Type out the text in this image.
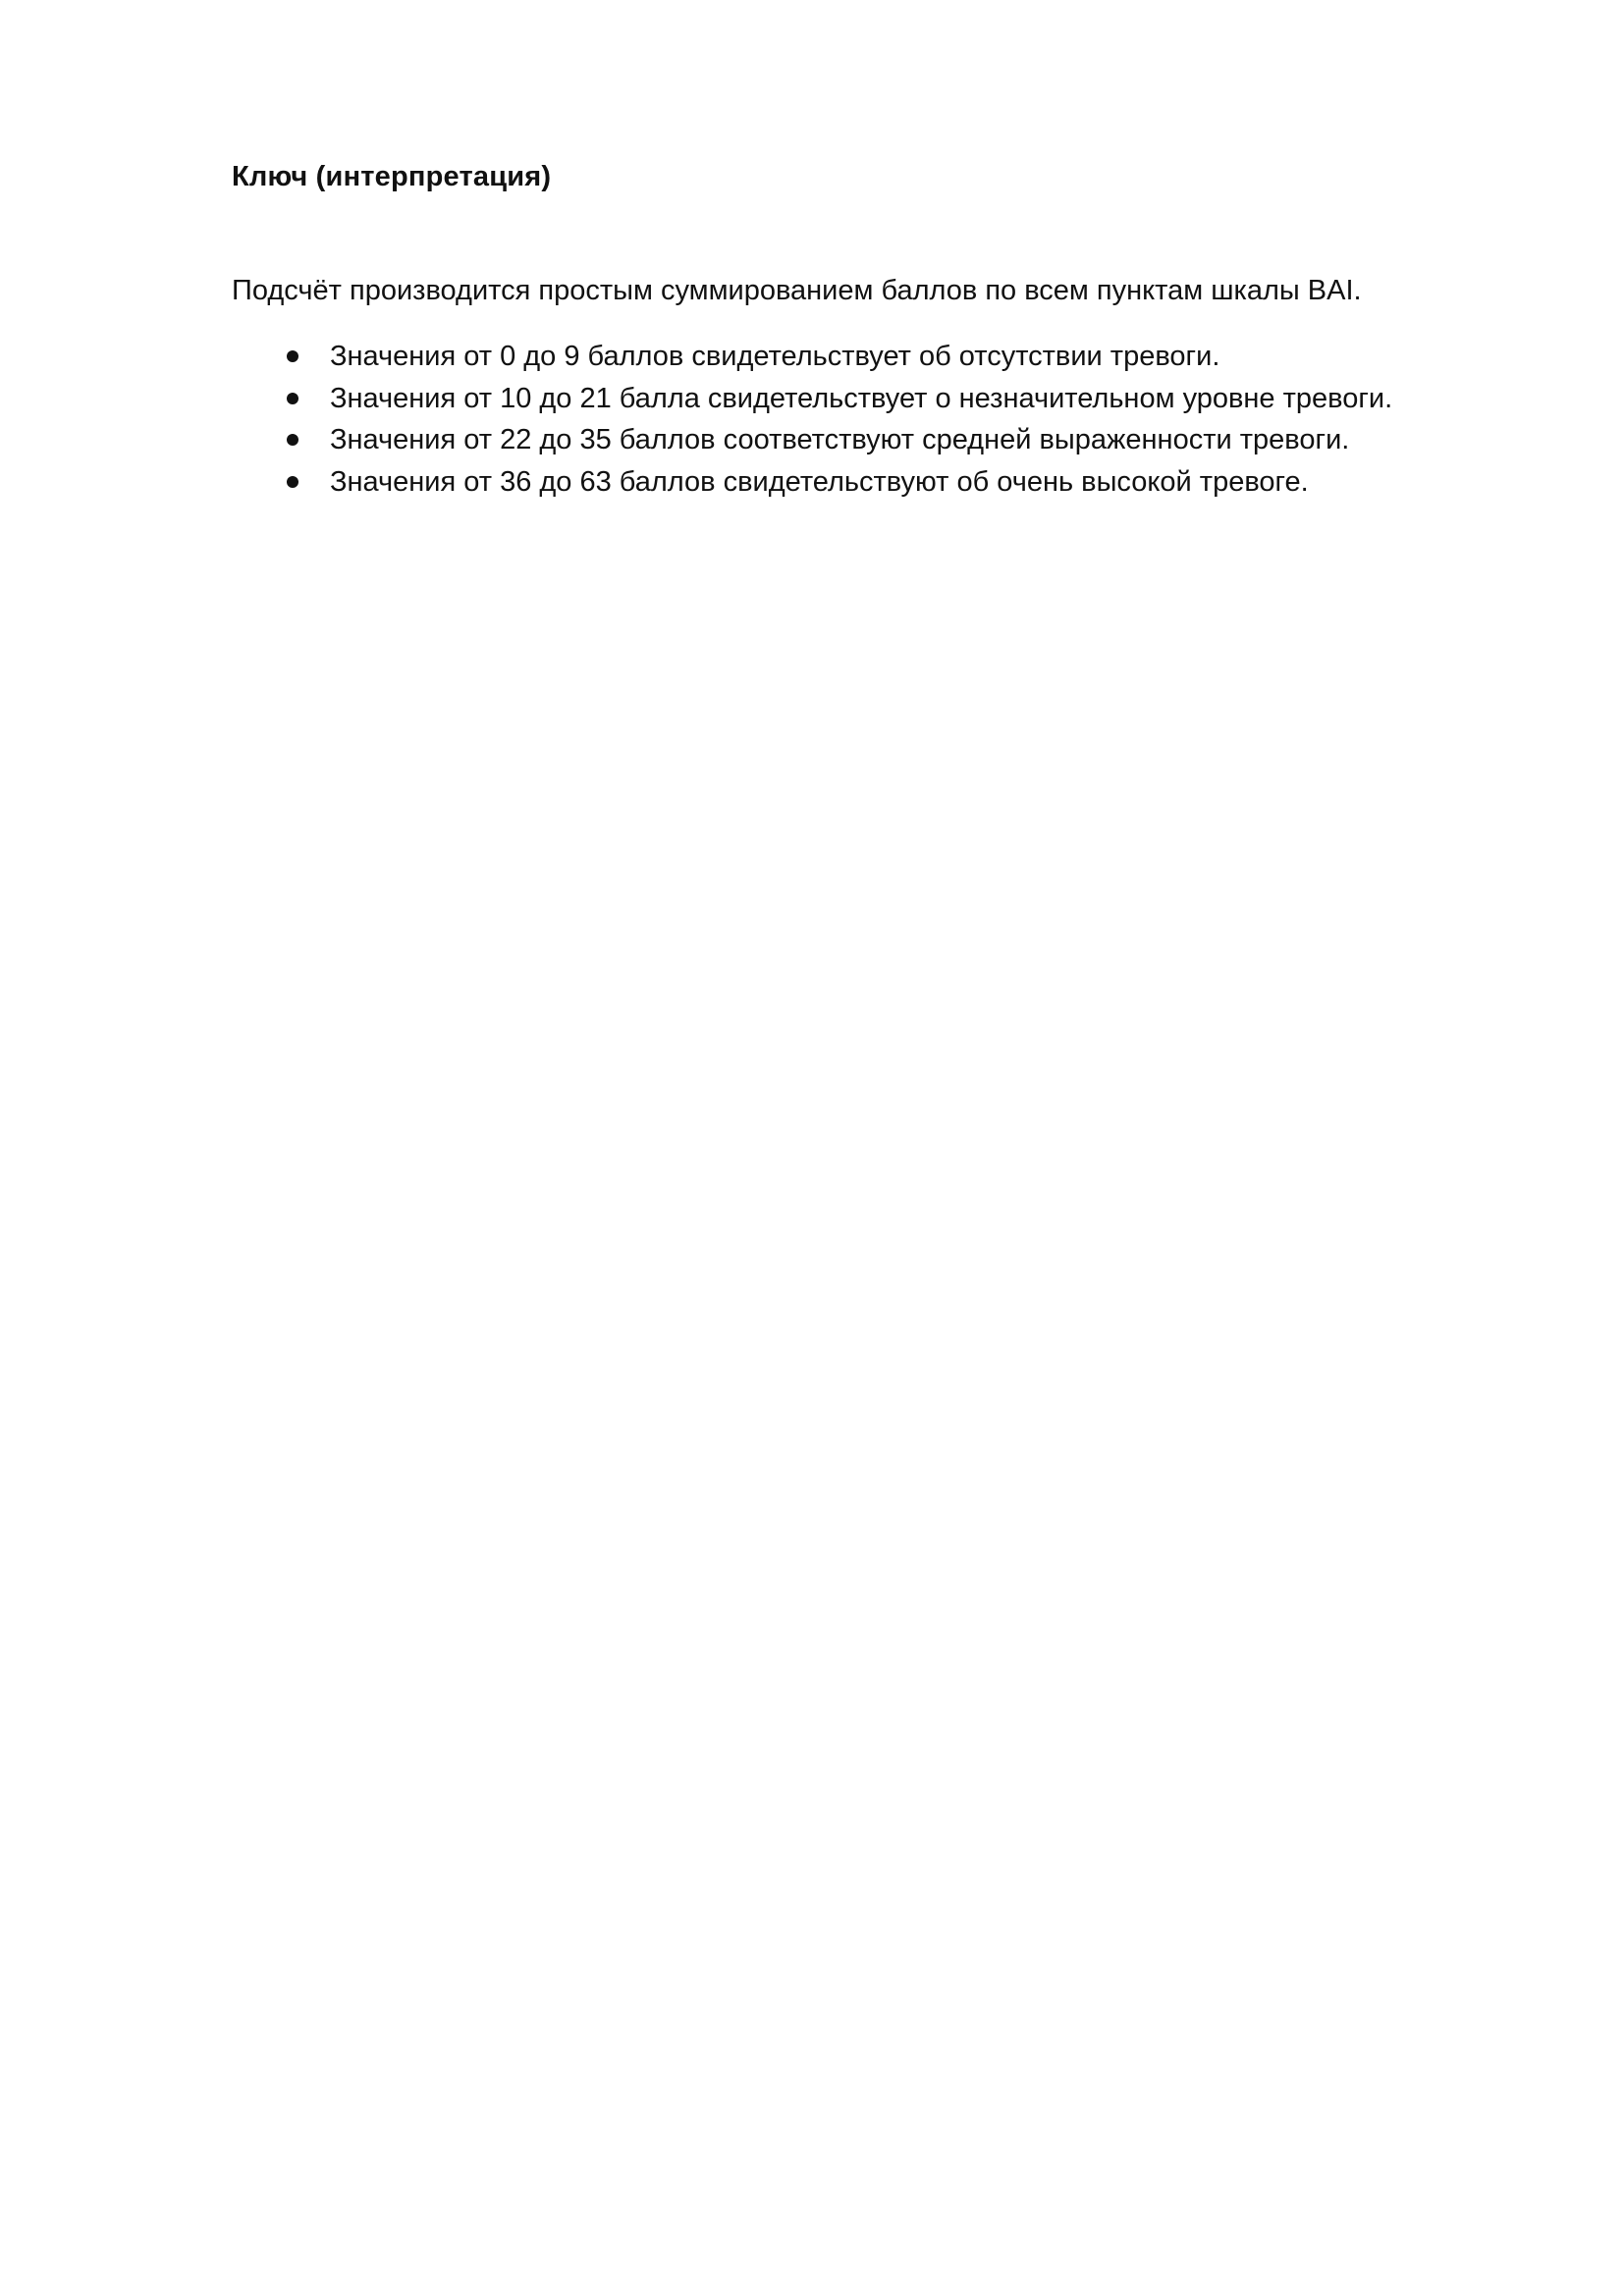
Ключ (интерпретация)

Подсчёт производится простым суммированием баллов по всем пунктам шкалы BAI.

Значения от 0 до 9 баллов свидетельствует об отсутствии тревоги.
Значения от 10 до 21 балла свидетельствует о незначительном уровне тревоги.
Значения от 22 до 35 баллов соответствуют средней выраженности тревоги.
Значения от 36 до 63 баллов свидетельствуют об очень высокой тревоге.
